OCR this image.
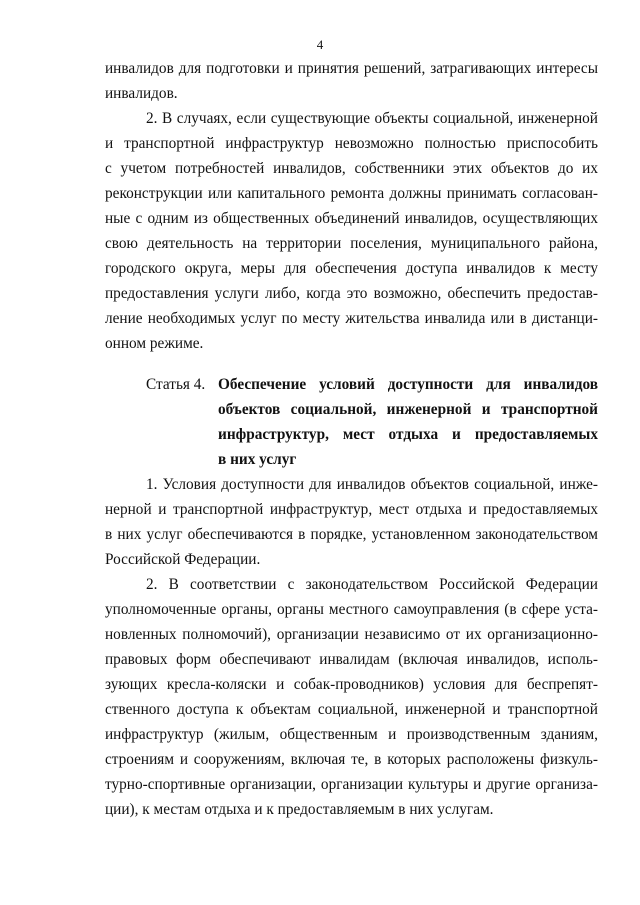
4
инвалидов для подготовки и принятия решений, затрагивающих интересы
инвалидов.
2. В случаях, если существующие объекты социальной, инженерной
и транспортной инфраструктур невозможно полностью приспособить
с учетом потребностей инвалидов, собственники этих объектов до их
реконструкции или капитального ремонта должны принимать согласован-
ные с одним из общественных объединений инвалидов, осуществляющих
свою деятельность на территории поселения, муниципального района,
городского округа, меры для обеспечения доступа инвалидов к месту
предоставления услуги либо, когда это возможно, обеспечить предостав-
ление необходимых услуг по месту жительства инвалида или в дистанци-
онном режиме.
Статья 4. Обеспечение условий доступности для инвалидов
объектов социальной, инженерной и транспортной
инфраструктур, мест отдыха и предоставляемых
в них услуг
1. Условия доступности для инвалидов объектов социальной, инже-
нерной и транспортной инфраструктур, мест отдыха и предоставляемых
в них услуг обеспечиваются в порядке, установленном законодательством
Российской Федерации.
2. В соответствии с законодательством Российской Федерации
уполномоченные органы, органы местного самоуправления (в сфере уста-
новленных полномочий), организации независимо от их организационно-
правовых форм обеспечивают инвалидам (включая инвалидов, исполь-
зующих кресла-коляски и собак-проводников) условия для беспрепят-
ственного доступа к объектам социальной, инженерной и транспортной
инфраструктур (жилым, общественным и производственным зданиям,
строениям и сооружениям, включая те, в которых расположены физкуль-
турно-спортивные организации, организации культуры и другие организа-
ции), к местам отдыха и к предоставляемым в них услугам.
